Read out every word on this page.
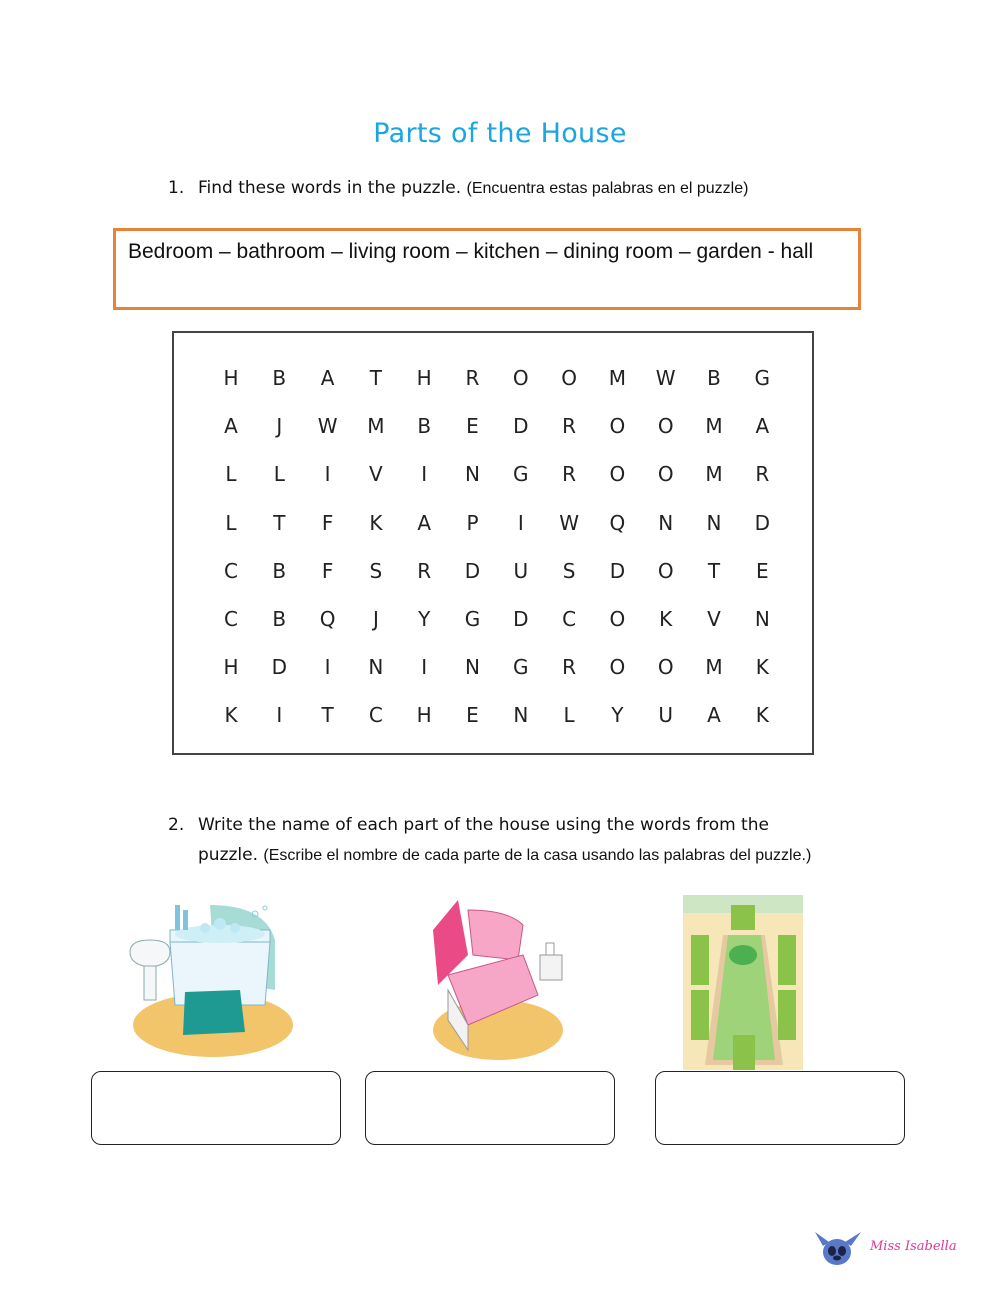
Parts of the House
1. Find these words in the puzzle. (Encuentra estas palabras en el puzzle)
Bedroom – bathroom – living room – kitchen – dining room – garden - hall
H	B	A	T	H	R	O	O	M	W	B	G
A	J	W	M	B	E	D	R	O	O	M	A
L	L	I	V	I	N	G	R	O	O	M	R
L	T	F	K	A	P	I	W	Q	N	N	D
C	B	F	S	R	D	U	S	D	O	T	E
C	B	Q	J	Y	G	D	C	O	K	V	N
H	D	I	N	I	N	G	R	O	O	M	K
K	I	T	C	H	E	N	L	Y	U	A	K
2. Write the name of each part of the house using the words from the
puzzle. (Escribe el nombre de cada parte de la casa usando las palabras del puzzle.)
Miss Isabella
